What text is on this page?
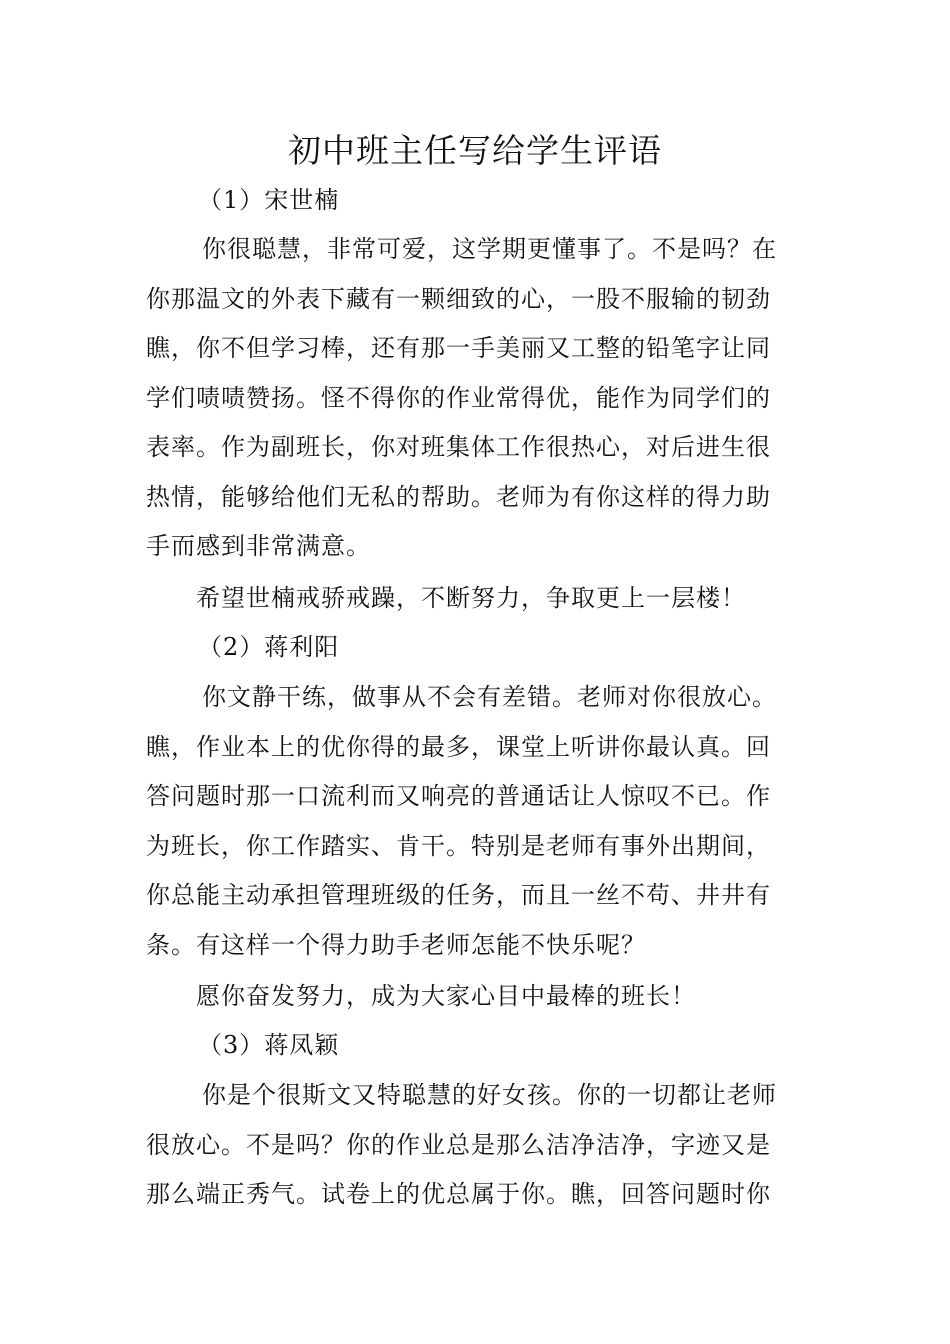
初中班主任写给学生评语
（1）宋世楠
你很聪慧，非常可爱，这学期更懂事了。不是吗？在
你那温文的外表下藏有一颗细致的心，一股不服输的韧劲
瞧，你不但学习棒，还有那一手美丽又工整的铅笔字让同
学们啧啧赞扬。怪不得你的作业常得优，能作为同学们的
表率。作为副班长，你对班集体工作很热心，对后进生很
热情，能够给他们无私的帮助。老师为有你这样的得力助
手而感到非常满意。
希望世楠戒骄戒躁，不断努力，争取更上一层楼！
（2）蒋利阳
你文静干练，做事从不会有差错。老师对你很放心。
瞧，作业本上的优你得的最多，课堂上听讲你最认真。回
答问题时那一口流利而又响亮的普通话让人惊叹不已。作
为班长，你工作踏实、肯干。特别是老师有事外出期间，
你总能主动承担管理班级的任务，而且一丝不苟、井井有
条。有这样一个得力助手老师怎能不快乐呢？
愿你奋发努力，成为大家心目中最棒的班长！
（3）蒋凤颖
你是个很斯文又特聪慧的好女孩。你的一切都让老师
很放心。不是吗？你的作业总是那么洁净洁净，字迹又是
那么端正秀气。试卷上的优总属于你。瞧，回答问题时你
